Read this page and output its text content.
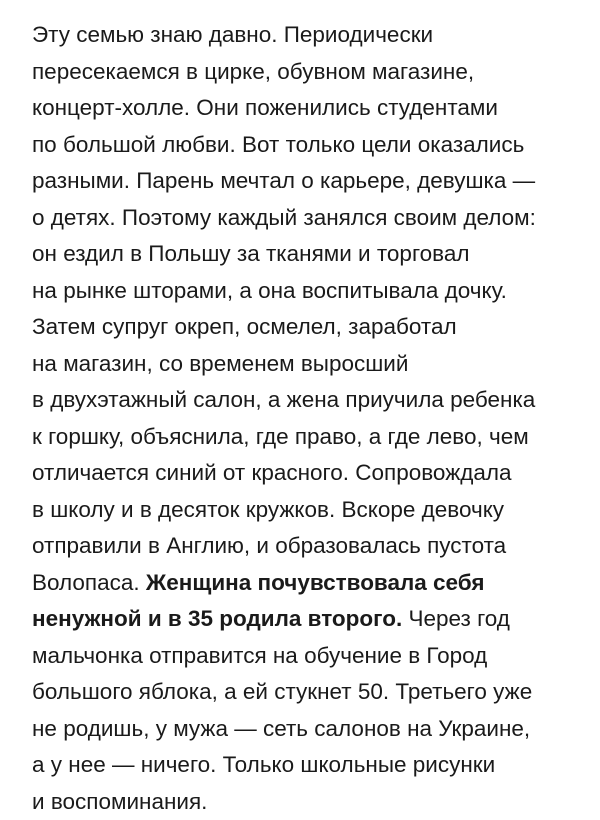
Эту семью знаю давно. Периодически
пересекаемся в цирке, обувном магазине,
концерт-холле. Они поженились студентами
по большой любви. Вот только цели оказались
разными. Парень мечтал о карьере, девушка —
о детях. Поэтому каждый занялся своим делом:
он ездил в Польшу за тканями и торговал
на рынке шторами, а она воспитывала дочку.
Затем супруг окреп, осмелел, заработал
на магазин, со временем выросший
в двухэтажный салон, а жена приучила ребенка
к горшку, объяснила, где право, а где лево, чем
отличается синий от красного. Сопровождала
в школу и в десяток кружков. Вскоре девочку
отправили в Англию, и образовалась пустота
Волопаса. Женщина почувствовала себя
ненужной и в 35 родила второго. Через год
мальчонка отправится на обучение в Город
большого яблока, а ей стукнет 50. Третьего уже
не родишь, у мужа — сеть салонов на Украине,
а у нее — ничего. Только школьные рисунки
и воспоминания.
